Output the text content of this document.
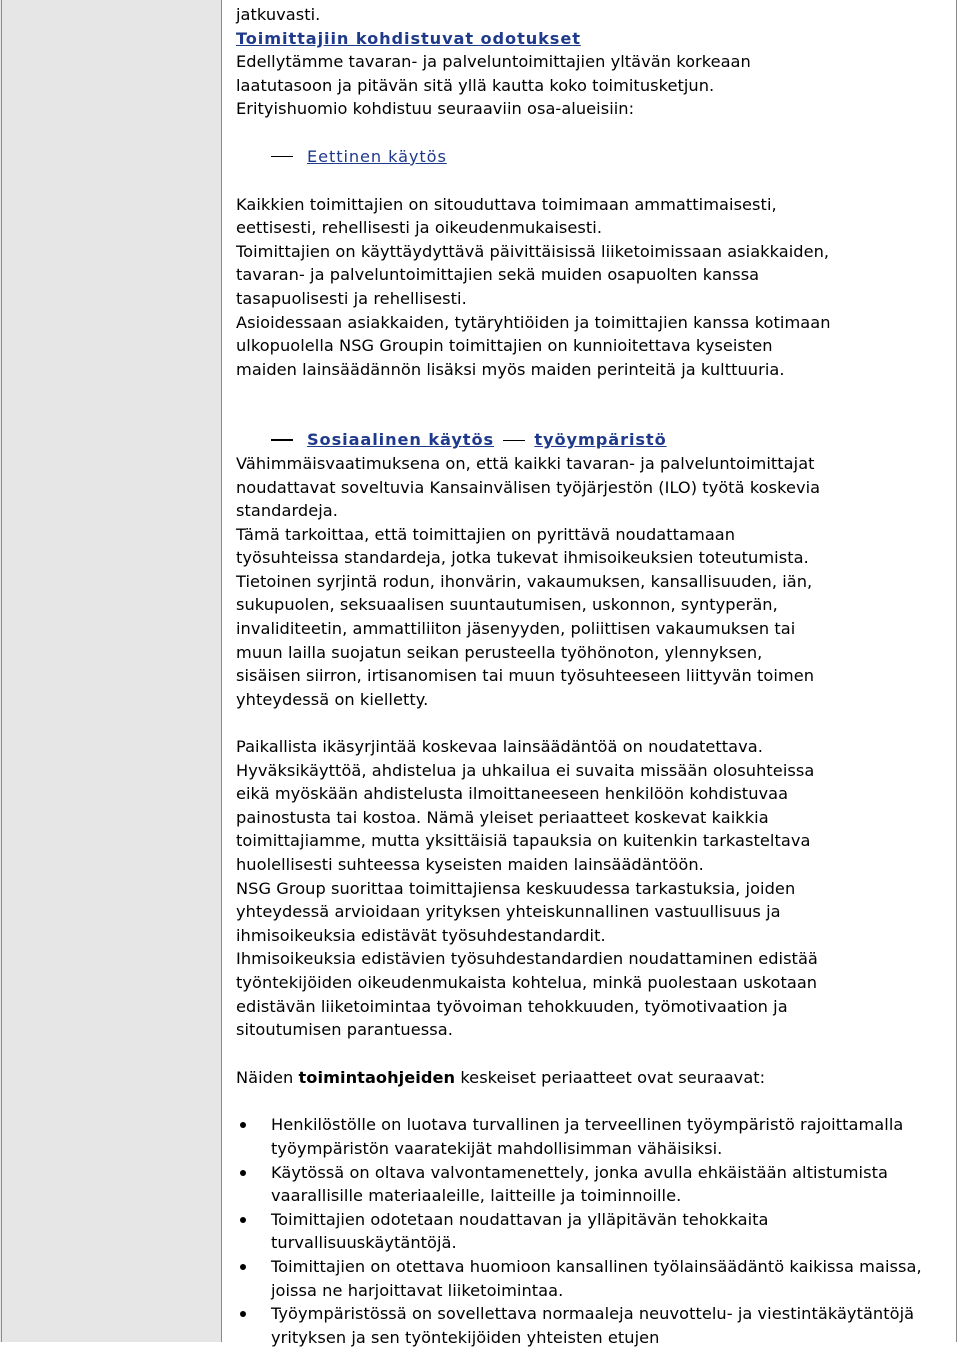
jatkuvasti.
Toimittajiin kohdistuvat odotukset
Edellytämme tavaran- ja palveluntoimittajien yltävän korkeaan
laatutasoon ja pitävän sitä yllä kautta koko toimitusketjun.
Erityishuomio kohdistuu seuraaviin osa-alueisiin:
Eettinen käytös
Kaikkien toimittajien on sitouduttava toimimaan ammattimaisesti,
eettisesti, rehellisesti ja oikeudenmukaisesti.
Toimittajien on käyttäydyttävä päivittäisissä liiketoimissaan asiakkaiden,
tavaran- ja palveluntoimittajien sekä muiden osapuolten kanssa
tasapuolisesti ja rehellisesti.
Asioidessaan asiakkaiden, tytäryhtiöiden ja toimittajien kanssa kotimaan
ulkopuolella NSG Groupin toimittajien on kunnioitettava kyseisten
maiden lainsäädännön lisäksi myös maiden perinteitä ja kulttuuria.
Sosiaalinen käytös työympäristö
Vähimmäisvaatimuksena on, että kaikki tavaran- ja palveluntoimittajat
noudattavat soveltuvia Kansainvälisen työjärjestön (ILO) työtä koskevia
standardeja.
Tämä tarkoittaa, että toimittajien on pyrittävä noudattamaan
työsuhteissa standardeja, jotka tukevat ihmisoikeuksien toteutumista.
Tietoinen syrjintä rodun, ihonvärin, vakaumuksen, kansallisuuden, iän,
sukupuolen, seksuaalisen suuntautumisen, uskonnon, syntyperän,
invaliditeetin, ammattiliiton jäsenyyden, poliittisen vakaumuksen tai
muun lailla suojatun seikan perusteella työhönoton, ylennyksen,
sisäisen siirron, irtisanomisen tai muun työsuhteeseen liittyvän toimen
yhteydessä on kielletty.
Paikallista ikäsyrjintää koskevaa lainsäädäntöä on noudatettava.
Hyväksikäyttöä, ahdistelua ja uhkailua ei suvaita missään olosuhteissa
eikä myöskään ahdistelusta ilmoittaneeseen henkilöön kohdistuvaa
painostusta tai kostoa. Nämä yleiset periaatteet koskevat kaikkia
toimittajiamme, mutta yksittäisiä tapauksia on kuitenkin tarkasteltava
huolellisesti suhteessa kyseisten maiden lainsäädäntöön.
NSG Group suorittaa toimittajiensa keskuudessa tarkastuksia, joiden
yhteydessä arvioidaan yrityksen yhteiskunnallinen vastuullisuus ja
ihmisoikeuksia edistävät työsuhdestandardit.
Ihmisoikeuksia edistävien työsuhdestandardien noudattaminen edistää
työntekijöiden oikeudenmukaista kohtelua, minkä puolestaan uskotaan
edistävän liiketoimintaa työvoiman tehokkuuden, työmotivaation ja
sitoutumisen parantuessa.
Näiden toimintaohjeiden keskeiset periaatteet ovat seuraavat:
Henkilöstölle on luotava turvallinen ja terveellinen työympäristö rajoittamalla työympäristön vaaratekijät mahdollisimman vähäisiksi.
Käytössä on oltava valvontamenettely, jonka avulla ehkäistään altistumista vaarallisille materiaaleille, laitteille ja toiminnoille.
Toimittajien odotetaan noudattavan ja ylläpitävän tehokkaita turvallisuuskäytäntöjä.
Toimittajien on otettava huomioon kansallinen työlainsäädäntö kaikissa maissa, joissa ne harjoittavat liiketoimintaa.
Työympäristössä on sovellettava normaaleja neuvottelu- ja viestintäkäytäntöjä yrityksen ja sen työntekijöiden yhteisten etujen
